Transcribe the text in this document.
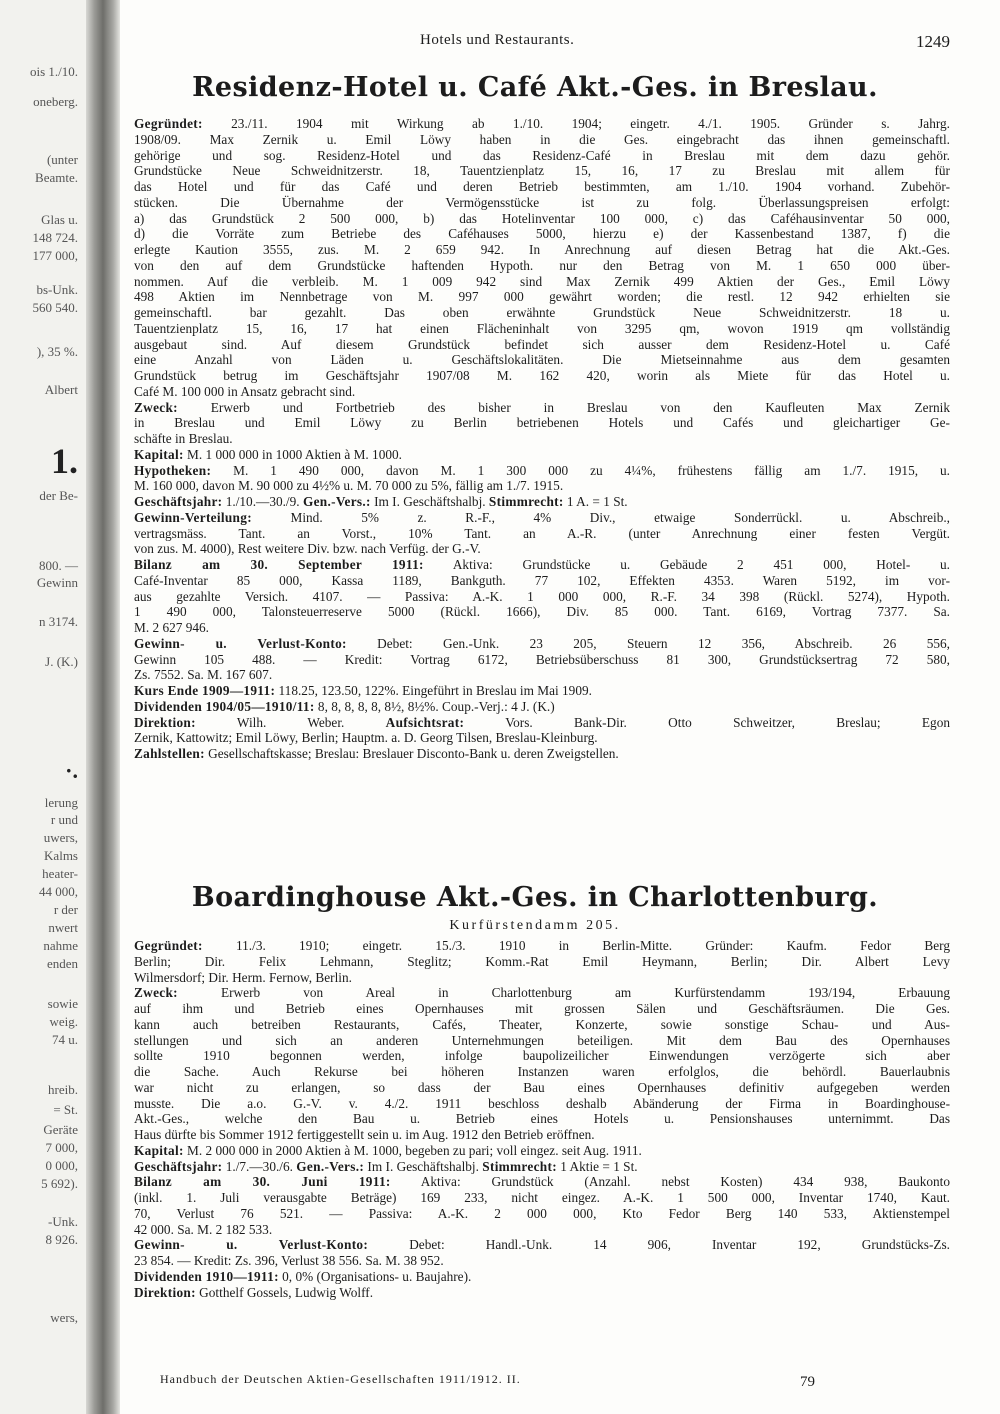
ois 1./10.
oneberg.
(unter
Beamte.
Glas u.
148 724.
177 000,
bs-Unk.
560 540.
), 35 %.
Albert
1.
der Be-
800. —
Gewinn
n 3174.
J. (K.)
·.
lerung
r und
uwers,
Kalms
heater-
44 000,
r der
nwert
nahme
enden
sowie
weig.
74 u.
hreib.
= St.
Geräte
7 000,
0 000,
5 692).
-Unk.
8 926.
wers,
Hotels und Restaurants.	1249
Residenz-Hotel u. Café Akt.-Ges. in Breslau.
Gegründet: 23./11. 1904 mit Wirkung ab 1./10. 1904; eingetr. 4./1. 1905. Gründer s. Jahrg.
1908/09. Max Zernik u. Emil Löwy haben in die Ges. eingebracht das ihnen gemeinschaftl.
gehörige und sog. Residenz-Hotel und das Residenz-Café in Breslau mit dem dazu gehör.
Grundstücke Neue Schweidnitzerstr. 18, Tauentzienplatz 15, 16, 17 zu Breslau mit allem für
das Hotel und für das Café und deren Betrieb bestimmten, am 1./10. 1904 vorhand. Zubehör-
stücken. Die Übernahme der Vermögensstücke ist zu folg. Überlassungspreisen erfolgt:
a) das Grundstück 2 500 000, b) das Hotelinventar 100 000, c) das Caféhausinventar 50 000,
d) die Vorräte zum Betriebe des Caféhauses 5000, hierzu e) der Kassenbestand 1387, f) die
erlegte Kaution 3555, zus. M. 2 659 942. In Anrechnung auf diesen Betrag hat die Akt.-Ges.
von den auf dem Grundstücke haftenden Hypoth. nur den Betrag von M. 1 650 000 über-
nommen. Auf die verbleib. M. 1 009 942 sind Max Zernik 499 Aktien der Ges., Emil Löwy
498 Aktien im Nennbetrage von M. 997 000 gewährt worden; die restl. 12 942 erhielten sie
gemeinschaftl. bar gezahlt. Das oben erwähnte Grundstück Neue Schweidnitzerstr. 18 u.
Tauentzienplatz 15, 16, 17 hat einen Flächeninhalt von 3295 qm, wovon 1919 qm vollständig
ausgebaut sind. Auf diesem Grundstück befindet sich ausser dem Residenz-Hotel u. Café
eine Anzahl von Läden u. Geschäftslokalitäten. Die Mietseinnahme aus dem gesamten
Grundstück betrug im Geschäftsjahr 1907/08 M. 162 420, worin als Miete für das Hotel u.
Café M. 100 000 in Ansatz gebracht sind.
Zweck: Erwerb und Fortbetrieb des bisher in Breslau von den Kaufleuten Max Zernik
in Breslau und Emil Löwy zu Berlin betriebenen Hotels und Cafés und gleichartiger Ge-
schäfte in Breslau.
Kapital: M. 1 000 000 in 1000 Aktien à M. 1000.
Hypotheken: M. 1 490 000, davon M. 1 300 000 zu 4¼%, frühestens fällig am 1./7. 1915, u.
M. 160 000, davon M. 90 000 zu 4½% u. M. 70 000 zu 5%, fällig am 1./7. 1915.
Geschäftsjahr: 1./10.—30./9. Gen.-Vers.: Im I. Geschäftshalbj. Stimmrecht: 1 A. = 1 St.
Gewinn-Verteilung: Mind. 5% z. R.-F., 4% Div., etwaige Sonderrückl. u. Abschreib.,
vertragsmäss. Tant. an Vorst., 10% Tant. an A.-R. (unter Anrechnung einer festen Vergüt.
von zus. M. 4000), Rest weitere Div. bzw. nach Verfüg. der G.-V.
Bilanz am 30. September 1911: Aktiva: Grundstücke u. Gebäude 2 451 000, Hotel- u.
Café-Inventar 85 000, Kassa 1189, Bankguth. 77 102, Effekten 4353. Waren 5192, im vor-
aus gezahlte Versich. 4107. — Passiva: A.-K. 1 000 000, R.-F. 34 398 (Rückl. 5274), Hypoth.
1 490 000, Talonsteuerreserve 5000 (Rückl. 1666), Div. 85 000. Tant. 6169, Vortrag 7377. Sa.
M. 2 627 946.
Gewinn- u. Verlust-Konto: Debet: Gen.-Unk. 23 205, Steuern 12 356, Abschreib. 26 556,
Gewinn 105 488. — Kredit: Vortrag 6172, Betriebsüberschuss 81 300, Grundstücksertrag 72 580,
Zs. 7552. Sa. M. 167 607.
Kurs Ende 1909—1911: 118.25, 123.50, 122%. Eingeführt in Breslau im Mai 1909.
Dividenden 1904/05—1910/11: 8, 8, 8, 8, 8, 8½, 8½%. Coup.-Verj.: 4 J. (K.)
Direktion: Wilh. Weber. Aufsichtsrat: Vors. Bank-Dir. Otto Schweitzer, Breslau; Egon
Zernik, Kattowitz; Emil Löwy, Berlin; Hauptm. a. D. Georg Tilsen, Breslau-Kleinburg.
Zahlstellen: Gesellschaftskasse; Breslau: Breslauer Disconto-Bank u. deren Zweigstellen.
Boardinghouse Akt.-Ges. in Charlottenburg.
Kurfürstendamm 205.
Gegründet: 11./3. 1910; eingetr. 15./3. 1910 in Berlin-Mitte. Gründer: Kaufm. Fedor Berg
Berlin; Dir. Felix Lehmann, Steglitz; Komm.-Rat Emil Heymann, Berlin; Dir. Albert Levy
Wilmersdorf; Dir. Herm. Fernow, Berlin.
Zweck: Erwerb von Areal in Charlottenburg am Kurfürstendamm 193/194, Erbauung
auf ihm und Betrieb eines Opernhauses mit grossen Sälen und Geschäftsräumen. Die Ges.
kann auch betreiben Restaurants, Cafés, Theater, Konzerte, sowie sonstige Schau- und Aus-
stellungen und sich an anderen Unternehmungen beteiligen. Mit dem Bau des Opernhauses
sollte 1910 begonnen werden, infolge baupolizeilicher Einwendungen verzögerte sich aber
die Sache. Auch Rekurse bei höheren Instanzen waren erfolglos, die behördl. Bauerlaubnis
war nicht zu erlangen, so dass der Bau eines Opernhauses definitiv aufgegeben werden
musste. Die a.o. G.-V. v. 4./2. 1911 beschloss deshalb Abänderung der Firma in Boardinghouse-
Akt.-Ges., welche den Bau u. Betrieb eines Hotels u. Pensionshauses unternimmt. Das
Haus dürfte bis Sommer 1912 fertiggestellt sein u. im Aug. 1912 den Betrieb eröffnen.
Kapital: M. 2 000 000 in 2000 Aktien à M. 1000, begeben zu pari; voll eingez. seit Aug. 1911.
Geschäftsjahr: 1./7.—30./6. Gen.-Vers.: Im I. Geschäftshalbj. Stimmrecht: 1 Aktie = 1 St.
Bilanz am 30. Juni 1911: Aktiva: Grundstück (Anzahl. nebst Kosten) 434 938, Baukonto
(inkl. 1. Juli verausgabte Beträge) 169 233, nicht eingez. A.-K. 1 500 000, Inventar 1740, Kaut.
70, Verlust 76 521. — Passiva: A.-K. 2 000 000, Kto Fedor Berg 140 533, Aktienstempel
42 000. Sa. M. 2 182 533.
Gewinn- u. Verlust-Konto: Debet: Handl.-Unk. 14 906, Inventar 192, Grundstücks-Zs.
23 854. — Kredit: Zs. 396, Verlust 38 556. Sa. M. 38 952.
Dividenden 1910—1911: 0, 0% (Organisations- u. Baujahre).
Direktion: Gotthelf Gossels, Ludwig Wolff.
Handbuch der Deutschen Aktien-Gesellschaften 1911/1912. II.	79
